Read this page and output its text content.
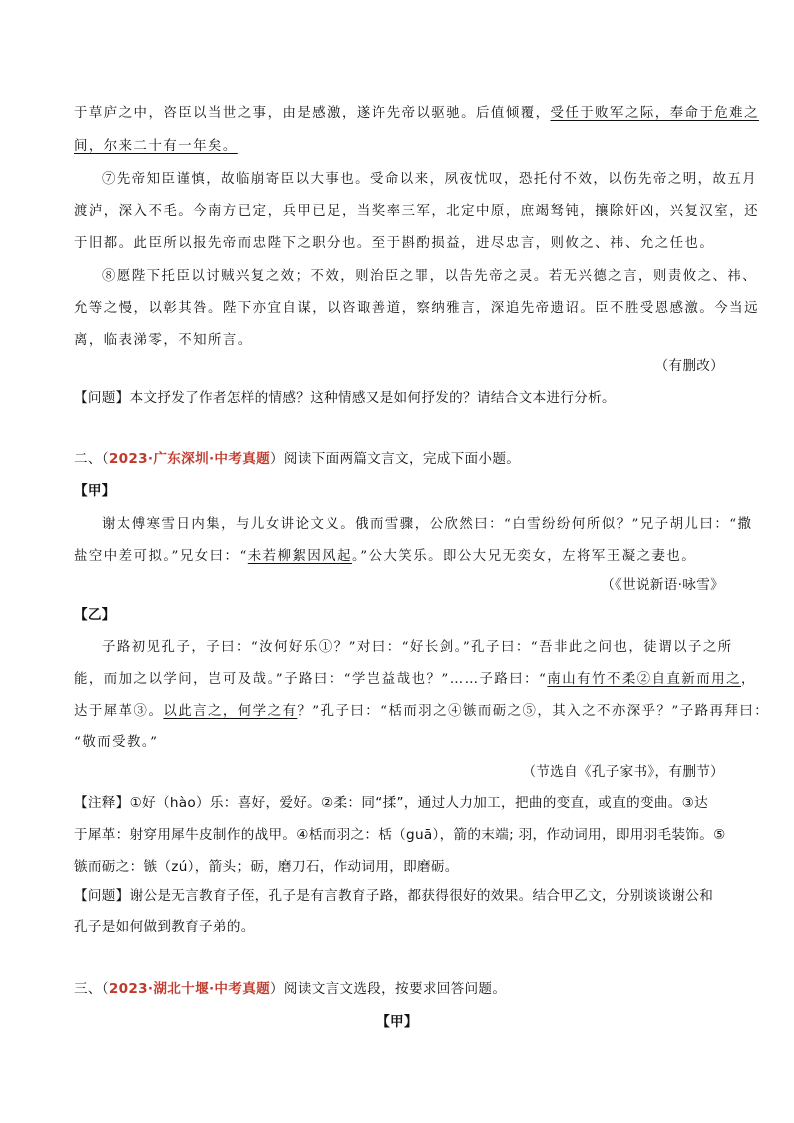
于草庐之中，咨臣以当世之事，由是感激，遂许先帝以驱驰。后值倾覆，受任于败军之际，奉命于危难之
间，尔来二十有一年矣。
⑦先帝知臣谨慎，故临崩寄臣以大事也。受命以来，夙夜忧叹，恐托付不效，以伤先帝之明，故五月
渡泸，深入不毛。今南方已定，兵甲已足，当奖率三军，北定中原，庶竭驽钝，攘除奸凶，兴复汉室，还
于旧都。此臣所以报先帝而忠陛下之职分也。至于斟酌损益，进尽忠言，则攸之、祎、允之任也。
⑧愿陛下托臣以讨贼兴复之效；不效，则治臣之罪，以告先帝之灵。若无兴德之言，则责攸之、祎、
允等之慢，以彰其咎。陛下亦宜自谋，以咨诹善道，察纳雅言，深追先帝遗诏。臣不胜受恩感激。今当远
离，临表涕零，不知所言。
（有删改）
【问题】本文抒发了作者怎样的情感？这种情感又是如何抒发的？请结合文本进行分析。
二、（2023·广东深圳·中考真题）阅读下面两篇文言文，完成下面小题。
【甲】
谢太傅寒雪日内集，与儿女讲论文义。俄而雪骤，公欣然曰：“白雪纷纷何所似？”兄子胡儿曰：“撒
盐空中差可拟。”兄女曰：“未若柳絮因风起。”公大笑乐。即公大兄无奕女，左将军王凝之妻也。
（《世说新语·咏雪》
【乙】
子路初见孔子，子曰：“汝何好乐①？”对曰：“好长剑。”孔子曰：“吾非此之问也，徒谓以子之所
能，而加之以学问，岂可及哉。”子路曰：“学岂益哉也？”……子路曰：“南山有竹不柔②自直新而用之，
达于犀革③。以此言之，何学之有？”孔子曰：“栝而羽之④镞而砺之⑤，其入之不亦深乎？”子路再拜曰：
“敬而受教。”
（节选自《孔子家书》，有删节）
【注释】①好（hào）乐：喜好，爱好。②柔：同“揉”，通过人力加工，把曲的变直，或直的变曲。③达
于犀革：射穿用犀牛皮制作的战甲。④栝而羽之：栝（guā），箭的末端; 羽，作动词用，即用羽毛装饰。⑤
镞而砺之：镞（zú），箭头；砺，磨刀石，作动词用，即磨砺。
【问题】谢公是无言教育子侄，孔子是有言教育子路，都获得很好的效果。结合甲乙文，分别谈谈谢公和
孔子是如何做到教育子弟的。
三、（2023·湖北十堰·中考真题）阅读文言文选段，按要求回答问题。
【甲】
